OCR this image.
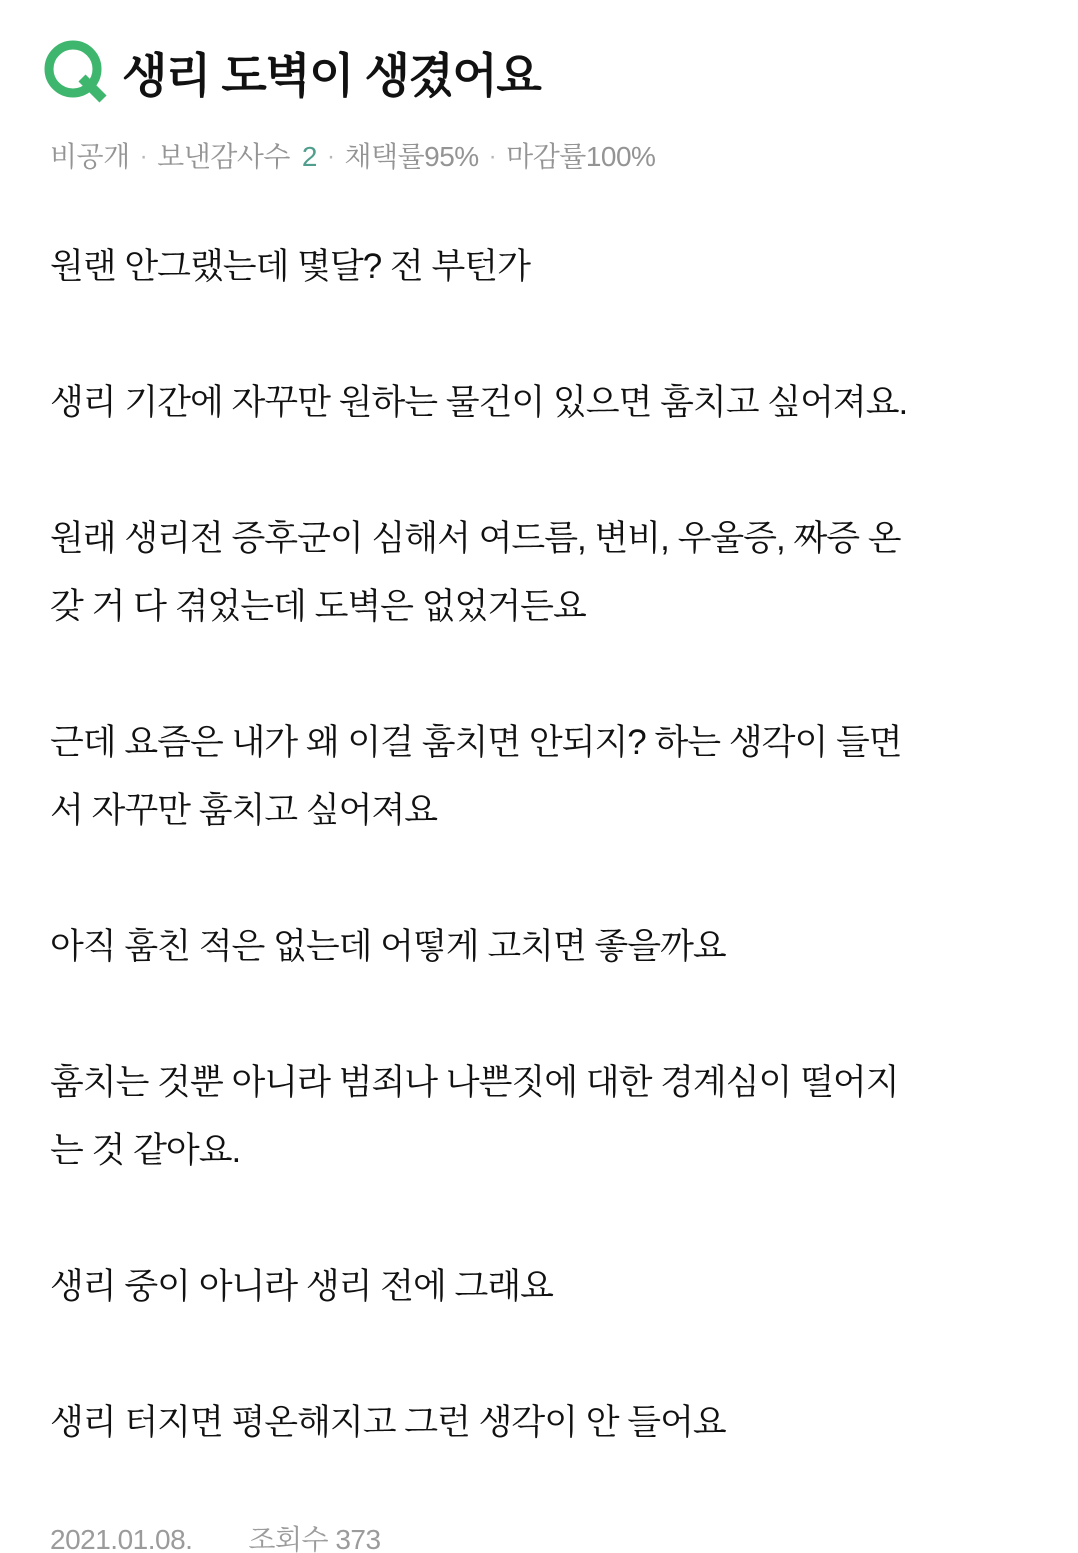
생리 도벽이 생겼어요
비공개 · 보낸감사수 2 · 채택률95% · 마감률100%

원랜 안그랬는데 몇달? 전 부턴가

생리 기간에 자꾸만 원하는 물건이 있으면 훔치고 싶어져요.

원래 생리전 증후군이 심해서 여드름, 변비, 우울증, 짜증 온
갖 거 다 겪었는데 도벽은 없었거든요

근데 요즘은 내가 왜 이걸 훔치면 안되지? 하는 생각이 들면
서 자꾸만 훔치고 싶어져요

아직 훔친 적은 없는데 어떻게 고치면 좋을까요

훔치는 것뿐 아니라 범죄나 나쁜짓에 대한 경계심이 떨어지
는 것 같아요.

생리 중이 아니라 생리 전에 그래요

생리 터지면 평온해지고 그런 생각이 안 들어요

2021.01.08. 조회수 373
